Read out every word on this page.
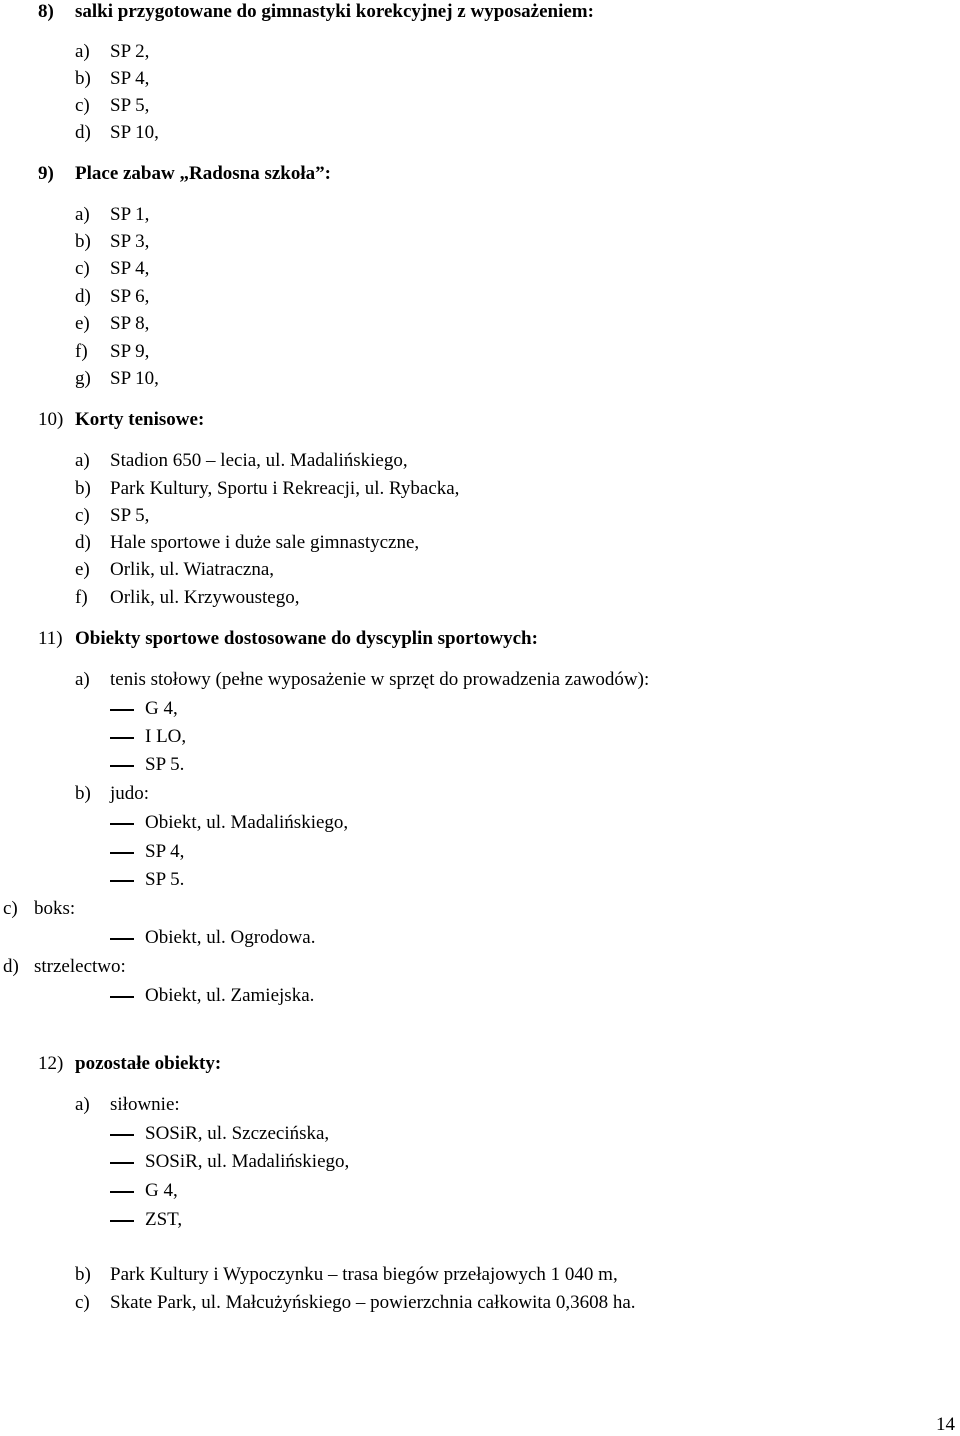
8) salki przygotowane do gimnastyki korekcyjnej z wyposażeniem:
a) SP 2,
b) SP 4,
c) SP 5,
d) SP 10,
9) Place zabaw „Radosna szkoła”:
a) SP 1,
b) SP 3,
c) SP 4,
d) SP 6,
e) SP 8,
f) SP 9,
g) SP 10,
10) Korty tenisowe:
a) Stadion 650 – lecia, ul. Madalińskiego,
b) Park Kultury, Sportu i Rekreacji, ul. Rybacka,
c) SP 5,
d) Hale sportowe i duże sale gimnastyczne,
e) Orlik, ul. Wiatraczna,
f) Orlik, ul. Krzywoustego,
11) Obiekty sportowe dostosowane do dyscyplin sportowych:
a) tenis stołowy (pełne wyposażenie w sprzęt do prowadzenia zawodów):
G 4,
I LO,
SP 5.
b) judo:
Obiekt, ul. Madalińskiego,
SP 4,
SP 5.
c) boks:
Obiekt, ul. Ogrodowa.
d) strzelectwo:
Obiekt, ul. Zamiejska.
12) pozostałe obiekty:
a) siłownie:
SOSiR, ul. Szczecińska,
SOSiR, ul. Madalińskiego,
G 4,
ZST,
b) Park Kultury i Wypoczynku – trasa biegów przełajowych 1 040 m,
c) Skate Park, ul. Małcużyńskiego – powierzchnia całkowita 0,3608 ha.
14
